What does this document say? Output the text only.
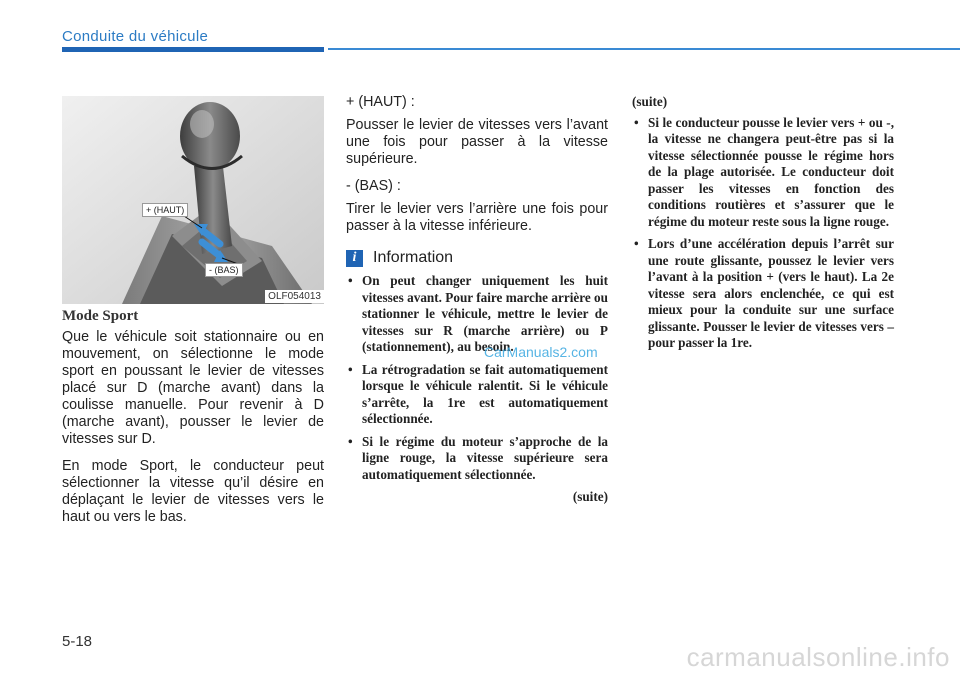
Conduite du véhicule
+ (HAUT)
- (BAS)
OLF054013
Mode Sport

Que le véhicule soit stationnaire ou en mouvement, on sélectionne le mode sport en poussant le levier de vitesses placé sur D (marche avant) dans la coulisse manuelle. Pour revenir à D (marche avant), pousser le levier de vitesses sur D.

En mode Sport, le conducteur peut sélectionner la vitesse qu’il désire en déplaçant le levier de vitesses vers le haut ou vers le bas.

+ (HAUT) :

Pousser le levier de vitesses vers l’avant une fois pour passer à la vitesse supérieure.

- (BAS) :

Tirer le levier vers l’arrière une fois pour passer à la vitesse inférieure.

i	Information
• On peut changer uniquement les huit vitesses avant. Pour faire marche arrière ou stationner le véhicule, mettre le levier de vitesses sur R (marche arrière) ou P (stationnement), au besoin.
• La rétrogradation se fait automatiquement lorsque le véhicule ralentit. Si le véhicule s’arrête, la 1re est automatiquement sélectionnée.
• Si le régime du moteur s’approche de la ligne rouge, la vitesse supérieure sera automatiquement sélectionnée.
(suite)
(suite)
• Si le conducteur pousse le levier vers + ou -, la vitesse ne changera peut-être pas si la vitesse sélectionnée pousse le régime hors de la plage autorisée. Le conducteur doit passer les vitesses en fonction des conditions routières et s’assurer que le régime du moteur reste sous la ligne rouge.
• Lors d’une accélération depuis l’arrêt sur une route glissante, poussez le levier vers l’avant à la position + (vers le haut). La 2e vitesse sera alors enclenchée, ce qui est mieux pour la conduite sur une surface glissante. Pousser le levier de vitesses vers – pour passer la 1re.
CarManuals2.com
5-18
carmanualsonline.info
